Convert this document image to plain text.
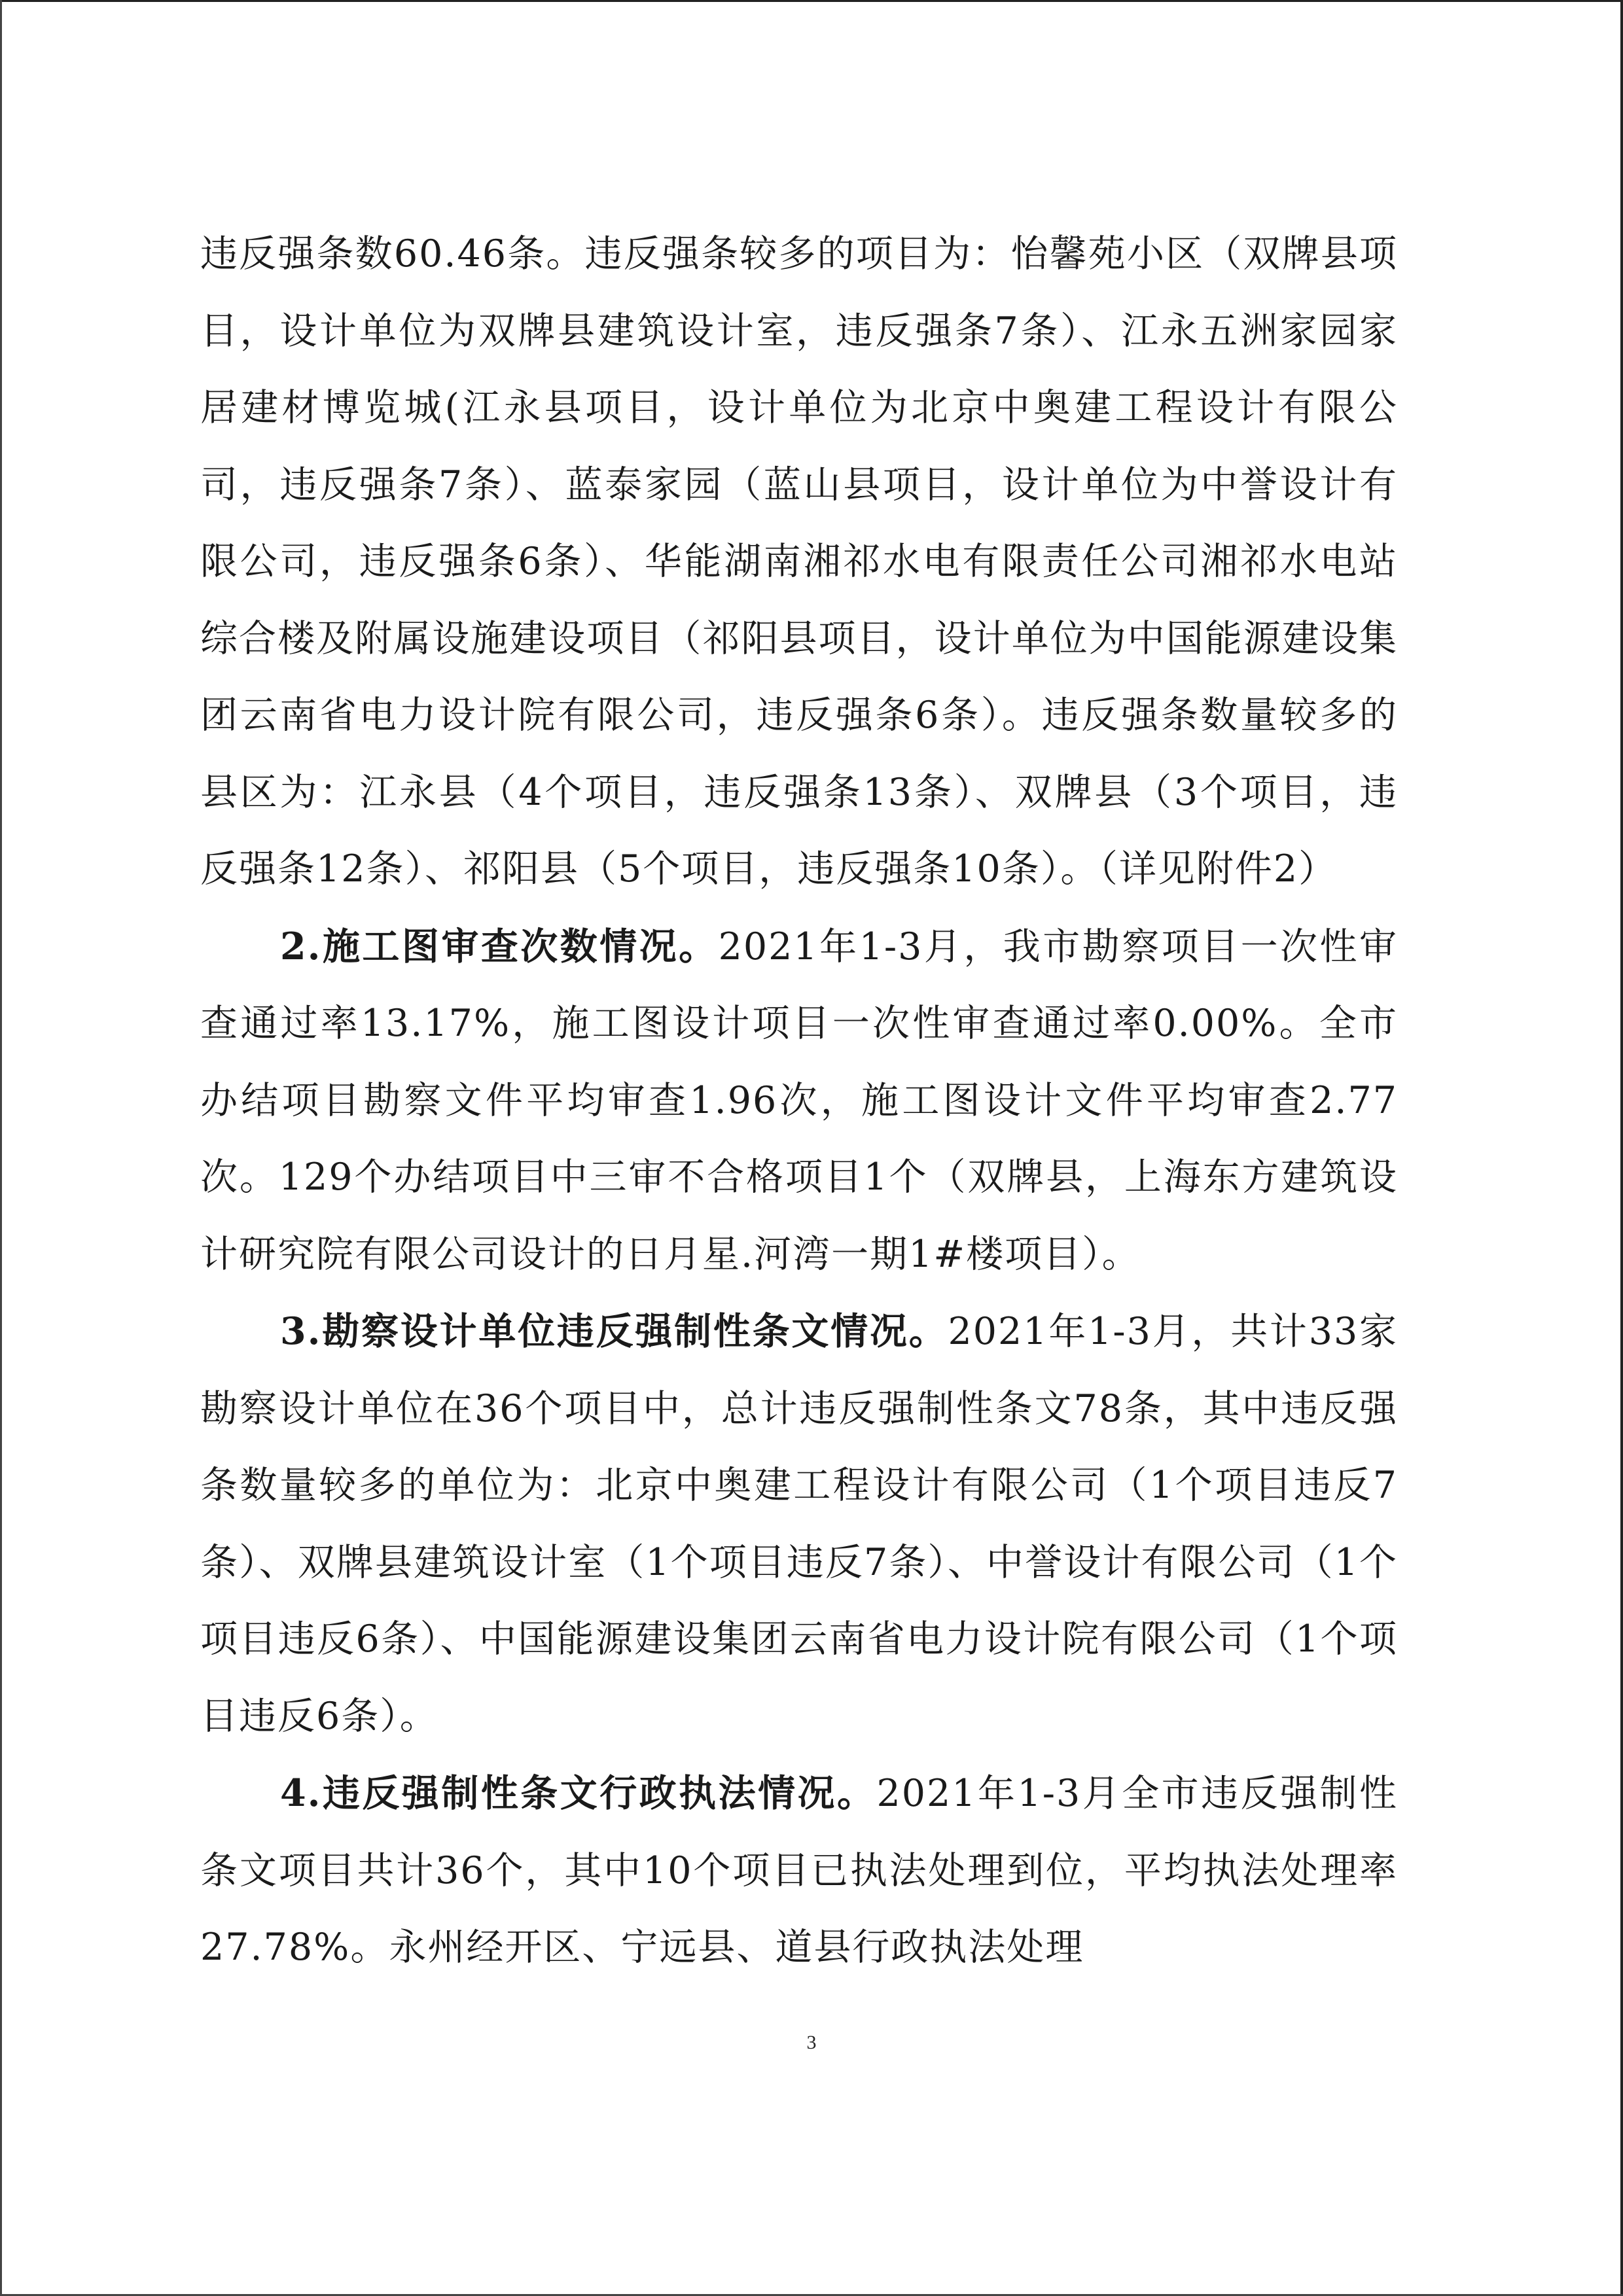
违反强条数60.46条。违反强条较多的项目为：怡馨苑小区（双牌县项目，设计单位为双牌县建筑设计室，违反强条7条）、江永五洲家园家居建材博览城(江永县项目，设计单位为北京中奥建工程设计有限公司，违反强条7条）、蓝泰家园（蓝山县项目，设计单位为中誉设计有限公司，违反强条6条）、华能湖南湘祁水电有限责任公司湘祁水电站综合楼及附属设施建设项目（祁阳县项目，设计单位为中国能源建设集团云南省电力设计院有限公司，违反强条6条）。违反强条数量较多的县区为：江永县（4个项目，违反强条13条）、双牌县（3个项目，违反强条12条）、祁阳县（5个项目，违反强条10条）。（详见附件2）

2.施工图审查次数情况。2021年1-3月，我市勘察项目一次性审查通过率13.17%，施工图设计项目一次性审查通过率0.00%。全市办结项目勘察文件平均审查1.96次，施工图设计文件平均审查2.77次。129个办结项目中三审不合格项目1个（双牌县，上海东方建筑设计研究院有限公司设计的日月星.河湾一期1#楼项目）。

3.勘察设计单位违反强制性条文情况。2021年1-3月，共计33家勘察设计单位在36个项目中，总计违反强制性条文78条，其中违反强条数量较多的单位为：北京中奥建工程设计有限公司（1个项目违反7条）、双牌县建筑设计室（1个项目违反7条）、中誉设计有限公司（1个项目违反6条）、中国能源建设集团云南省电力设计院有限公司（1个项目违反6条）。

4.违反强制性条文行政执法情况。2021年1-3月全市违反强制性条文项目共计36个，其中10个项目已执法处理到位，平均执法处理率27.78%。永州经开区、宁远县、道县行政执法处理

3
